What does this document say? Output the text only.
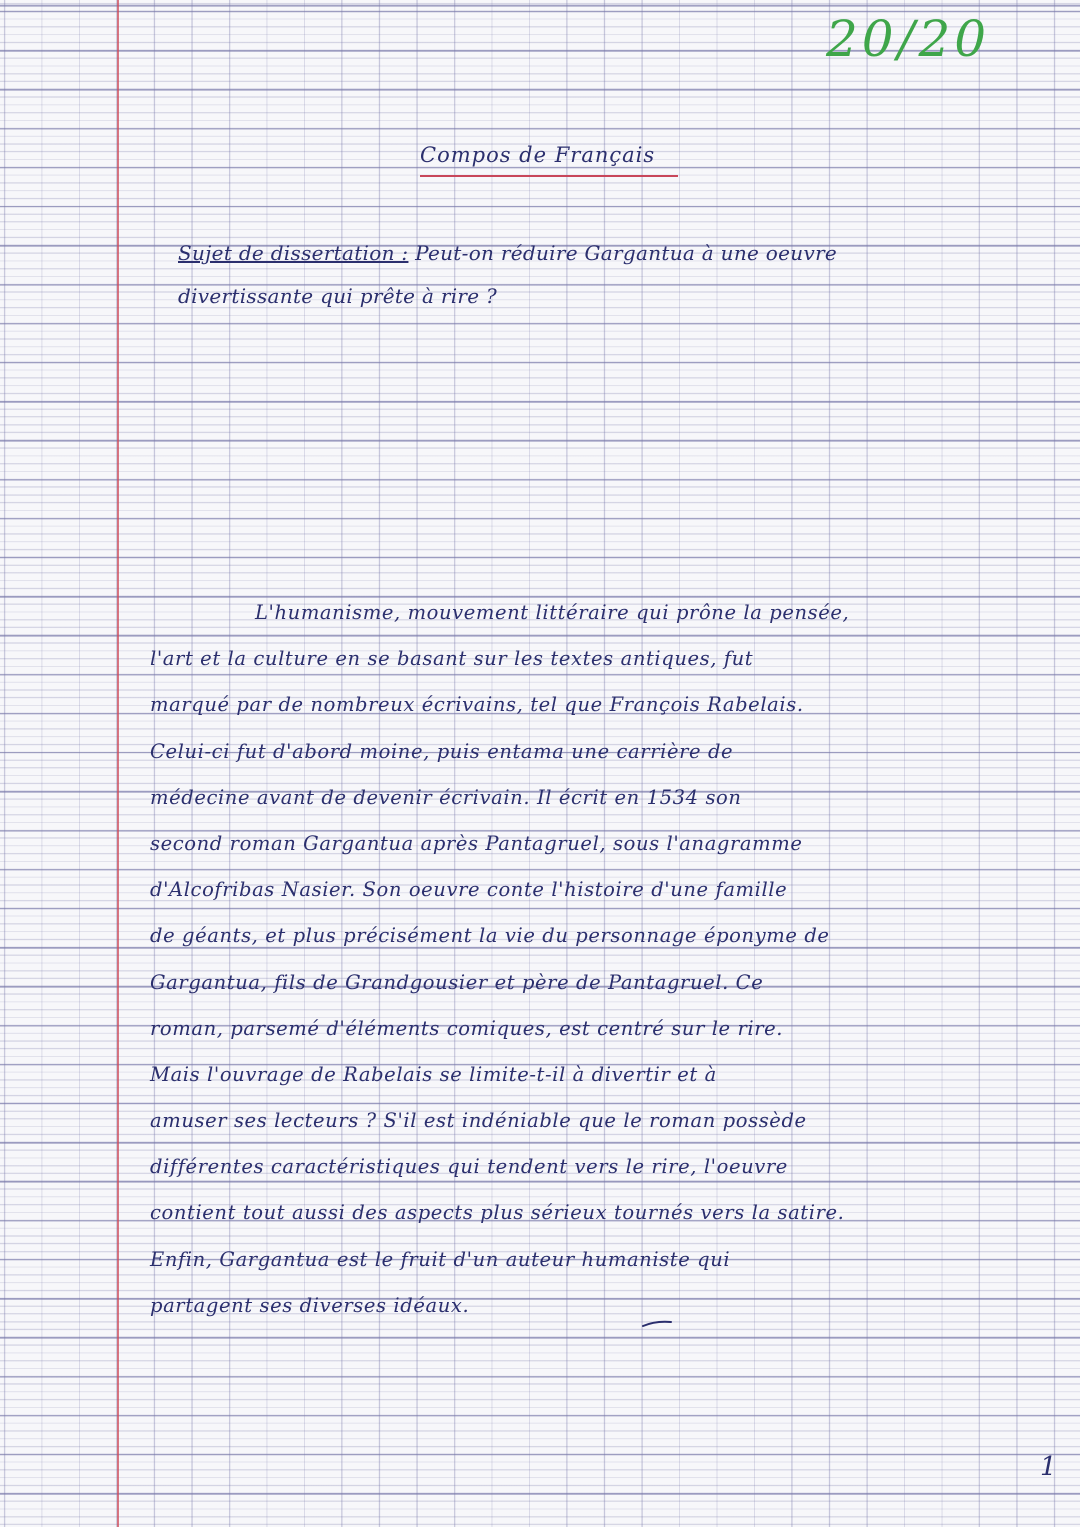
20/20
Compos de Français
Sujet de dissertation : Peut-on réduire Gargantua à une oeuvre
divertissante qui prête à rire ?
L'humanisme, mouvement littéraire qui prône la pensée,
l'art et la culture en se basant sur les textes antiques, fut
marqué par de nombreux écrivains, tel que François Rabelais.
Celui-ci fut d'abord moine, puis entama une carrière de
médecine avant de devenir écrivain. Il écrit en 1534 son
second roman Gargantua après Pantagruel, sous l'anagramme
d'Alcofribas Nasier. Son oeuvre conte l'histoire d'une famille
de géants, et plus précisément la vie du personnage éponyme de
Gargantua, fils de Grandgousier et père de Pantagruel. Ce
roman, parsemé d'éléments comiques, est centré sur le rire.
Mais l'ouvrage de Rabelais se limite-t-il à divertir et à
amuser ses lecteurs ? S'il est indéniable que le roman possède
différentes caractéristiques qui tendent vers le rire, l'oeuvre
contient tout aussi des aspects plus sérieux tournés vers la satire.
Enfin, Gargantua est le fruit d'un auteur humaniste qui
partagent ses diverses idéaux.
1
